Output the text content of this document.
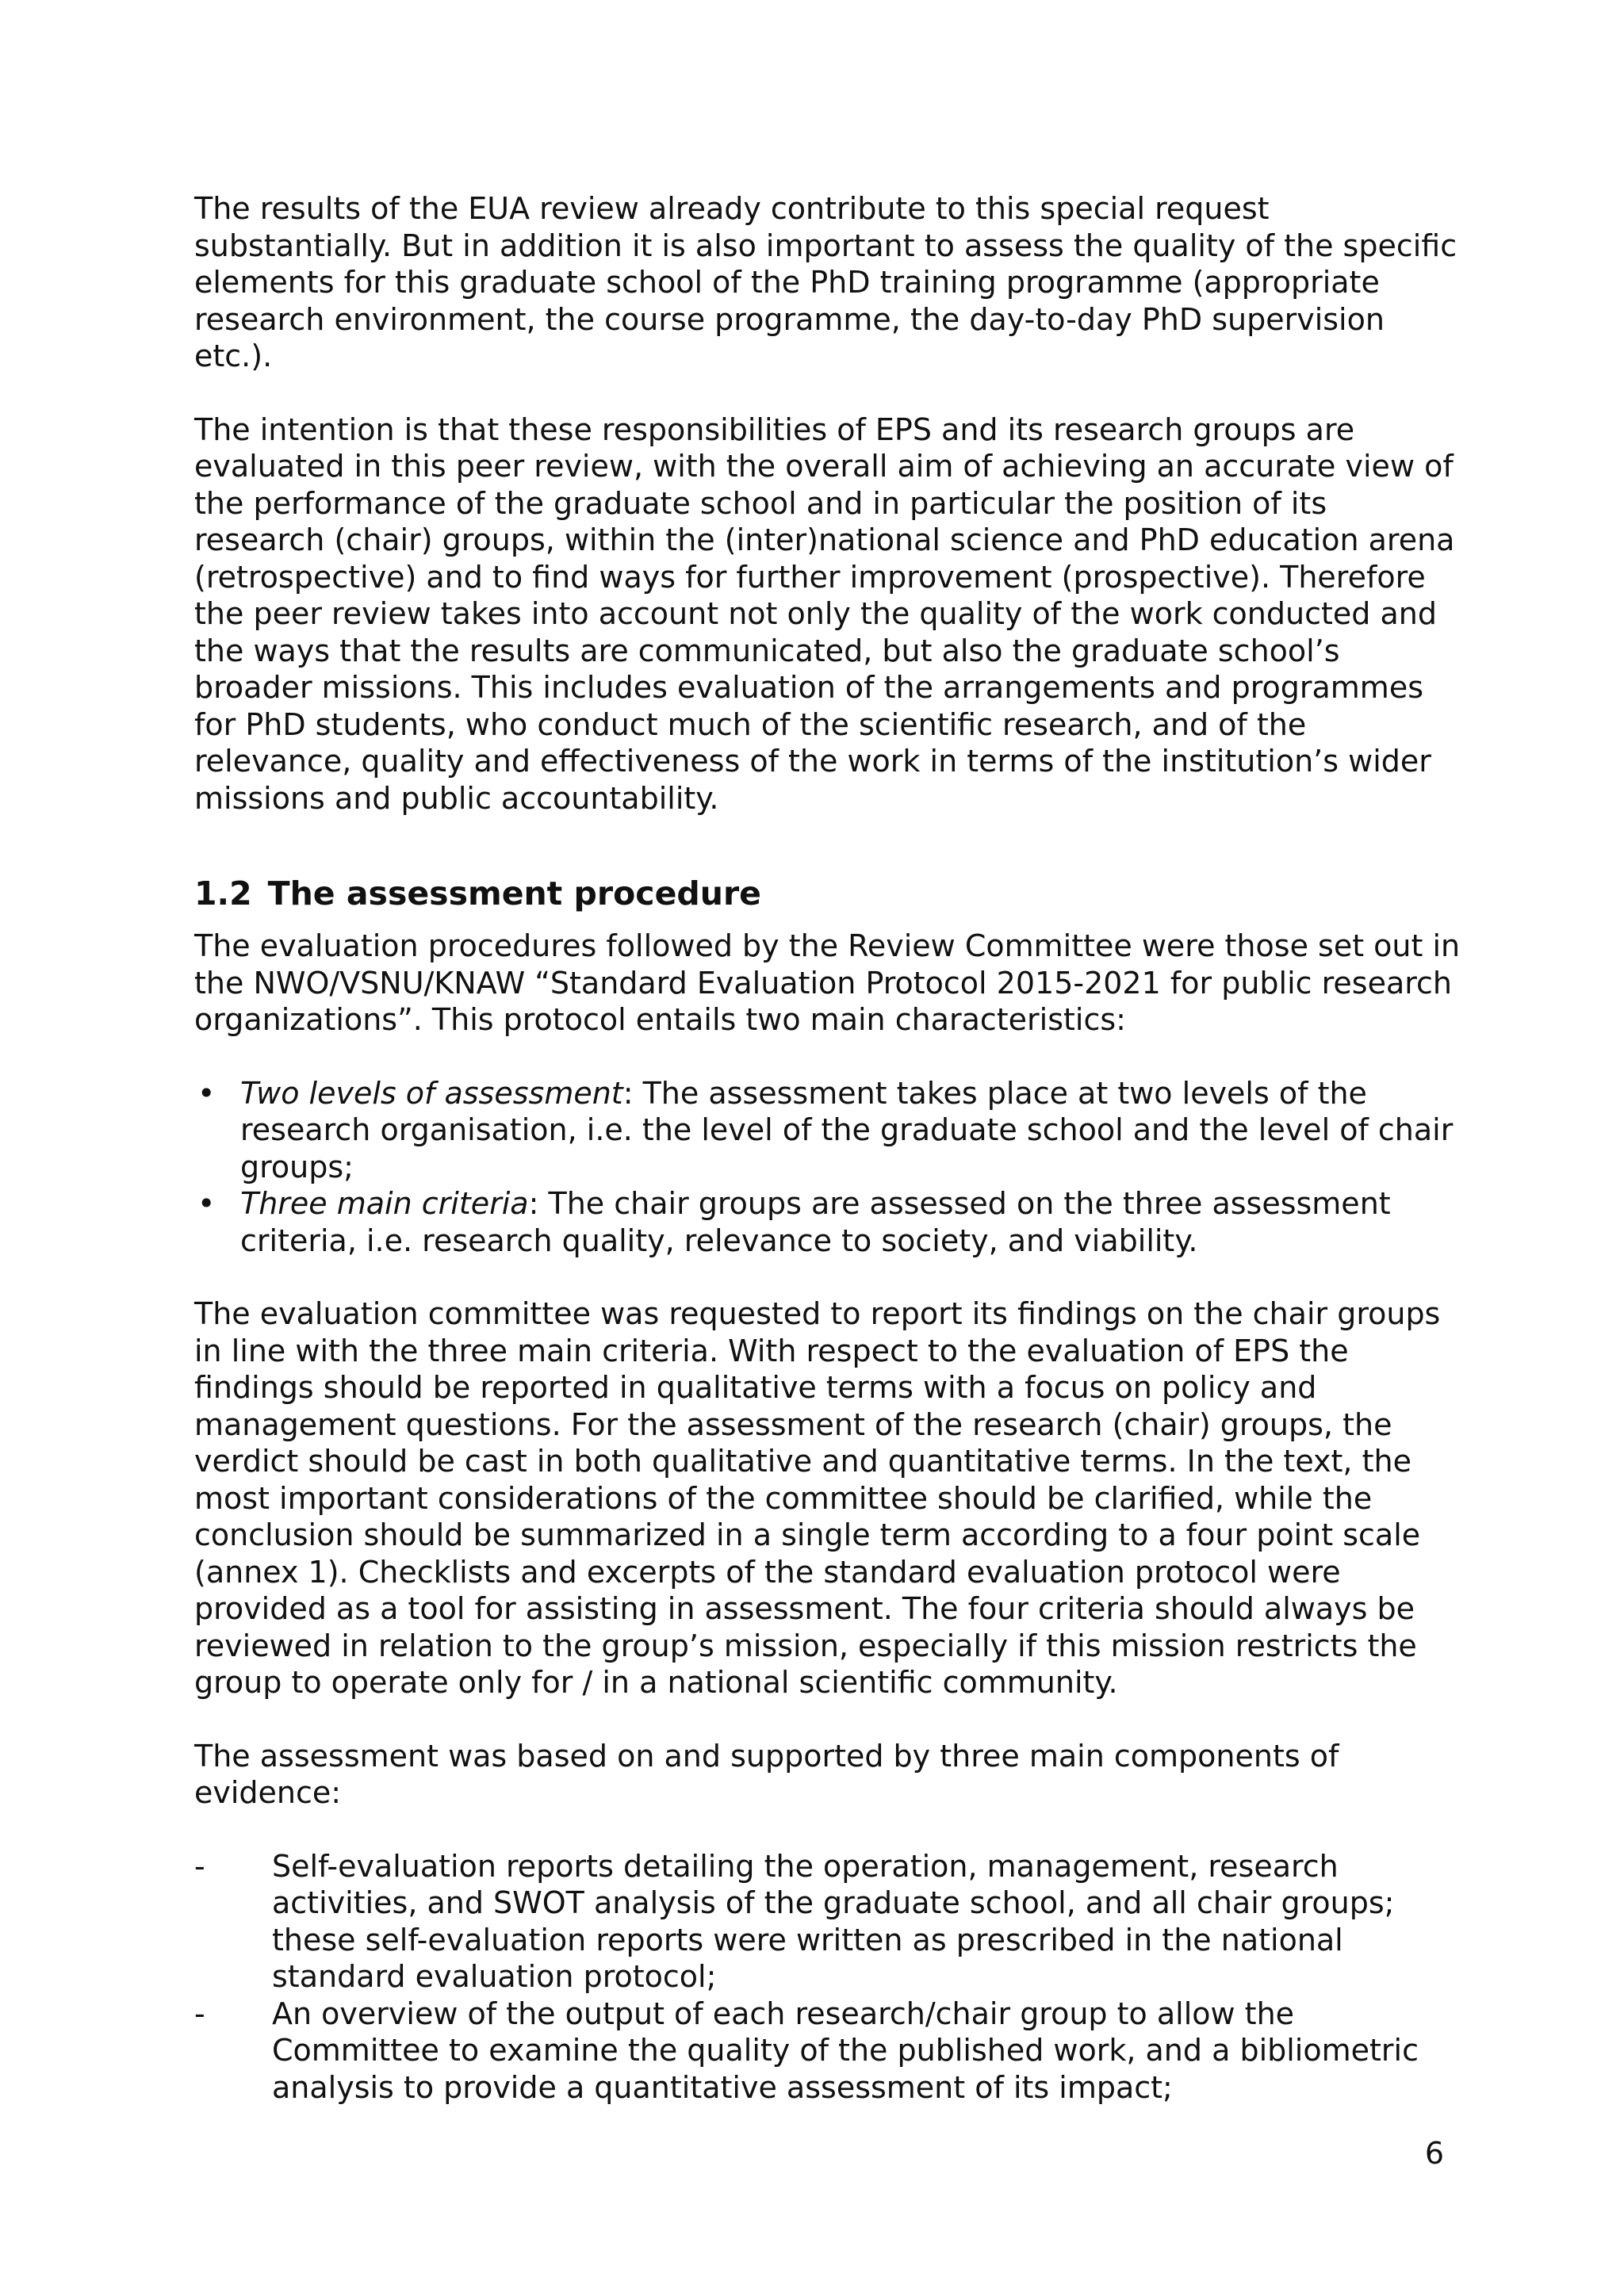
The results of the EUA review already contribute to this special request substantially. But in addition it is also important to assess the quality of the specific elements for this graduate school of the PhD training programme (appropriate research environment, the course programme, the day-to-day PhD supervision etc.).

The intention is that these responsibilities of EPS and its research groups are evaluated in this peer review, with the overall aim of achieving an accurate view of the performance of the graduate school and in particular the position of its research (chair) groups, within the (inter)national science and PhD education arena (retrospective) and to find ways for further improvement (prospective). Therefore the peer review takes into account not only the quality of the work conducted and the ways that the results are communicated, but also the graduate school’s broader missions. This includes evaluation of the arrangements and programmes for PhD students, who conduct much of the scientific research, and of the relevance, quality and effectiveness of the work in terms of the institution’s wider missions and public accountability.

1.2 The assessment procedure

The evaluation procedures followed by the Review Committee were those set out in the NWO/VSNU/KNAW “Standard Evaluation Protocol 2015-2021 for public research organizations”. This protocol entails two main characteristics:

• Two levels of assessment: The assessment takes place at two levels of the research organisation, i.e. the level of the graduate school and the level of chair groups;
• Three main criteria: The chair groups are assessed on the three assessment criteria, i.e. research quality, relevance to society, and viability.

The evaluation committee was requested to report its findings on the chair groups in line with the three main criteria. With respect to the evaluation of EPS the findings should be reported in qualitative terms with a focus on policy and management questions. For the assessment of the research (chair) groups, the verdict should be cast in both qualitative and quantitative terms. In the text, the most important considerations of the committee should be clarified, while the conclusion should be summarized in a single term according to a four point scale (annex 1). Checklists and excerpts of the standard evaluation protocol were provided as a tool for assisting in assessment. The four criteria should always be reviewed in relation to the group’s mission, especially if this mission restricts the group to operate only for / in a national scientific community.

The assessment was based on and supported by three main components of evidence:

- Self-evaluation reports detailing the operation, management, research activities, and SWOT analysis of the graduate school, and all chair groups; these self-evaluation reports were written as prescribed in the national standard evaluation protocol;
- An overview of the output of each research/chair group to allow the Committee to examine the quality of the published work, and a bibliometric analysis to provide a quantitative assessment of its impact;
6
